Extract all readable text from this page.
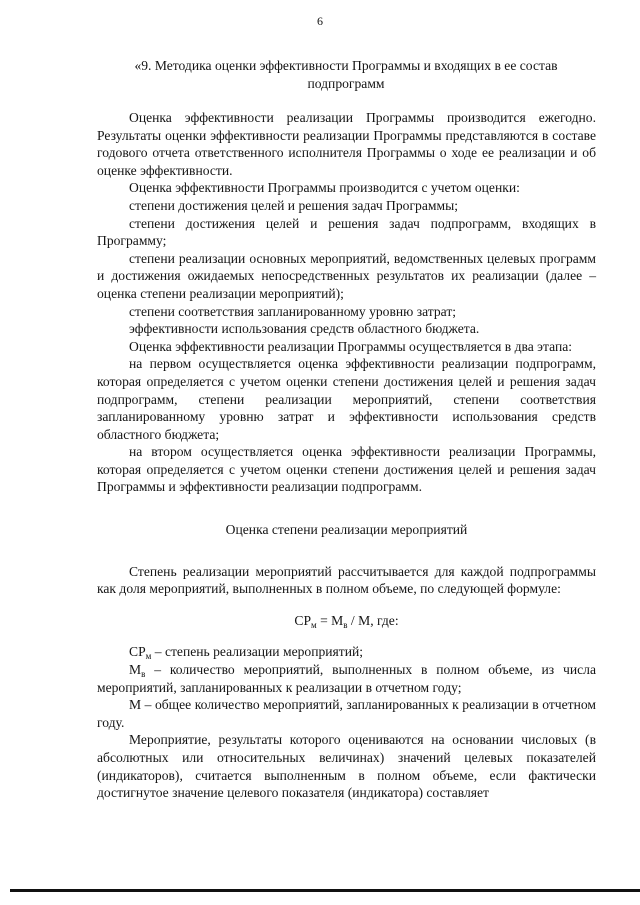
6
«9. Методика оценки эффективности Программы и входящих в ее состав подпрограмм

Оценка эффективности реализации Программы производится ежегодно. Результаты оценки эффективности реализации Программы представляются в составе годового отчета ответственного исполнителя Программы о ходе ее реализации и об оценке эффективности.

Оценка эффективности Программы производится с учетом оценки:

степени достижения целей и решения задач Программы;

степени достижения целей и решения задач подпрограмм, входящих в Программу;

степени реализации основных мероприятий, ведомственных целевых программ и достижения ожидаемых непосредственных результатов их реализации (далее – оценка степени реализации мероприятий);

степени соответствия запланированному уровню затрат;

эффективности использования средств областного бюджета.

Оценка эффективности реализации Программы осуществляется в два этапа:

на первом осуществляется оценка эффективности реализации подпрограмм, которая определяется с учетом оценки степени достижения целей и решения задач подпрограмм, степени реализации мероприятий, степени соответствия запланированному уровню затрат и эффективности использования средств областного бюджета;

на втором осуществляется оценка эффективности реализации Программы, которая определяется с учетом оценки степени достижения целей и решения задач Программы и эффективности реализации подпрограмм.

Оценка степени реализации мероприятий

Степень реализации мероприятий рассчитывается для каждой подпрограммы как доля мероприятий, выполненных в полном объеме, по следующей формуле:

$СР_м = М_в / М$, где:

$СР_м$ – степень реализации мероприятий;

$М_в$ – количество мероприятий, выполненных в полном объеме, из числа мероприятий, запланированных к реализации в отчетном году;

М – общее количество мероприятий, запланированных к реализации в отчетном году.

Мероприятие, результаты которого оцениваются на основании числовых (в абсолютных или относительных величинах) значений целевых показателей (индикаторов), считается выполненным в полном объеме, если фактически достигнутое значение целевого показателя (индикатора) составляет
